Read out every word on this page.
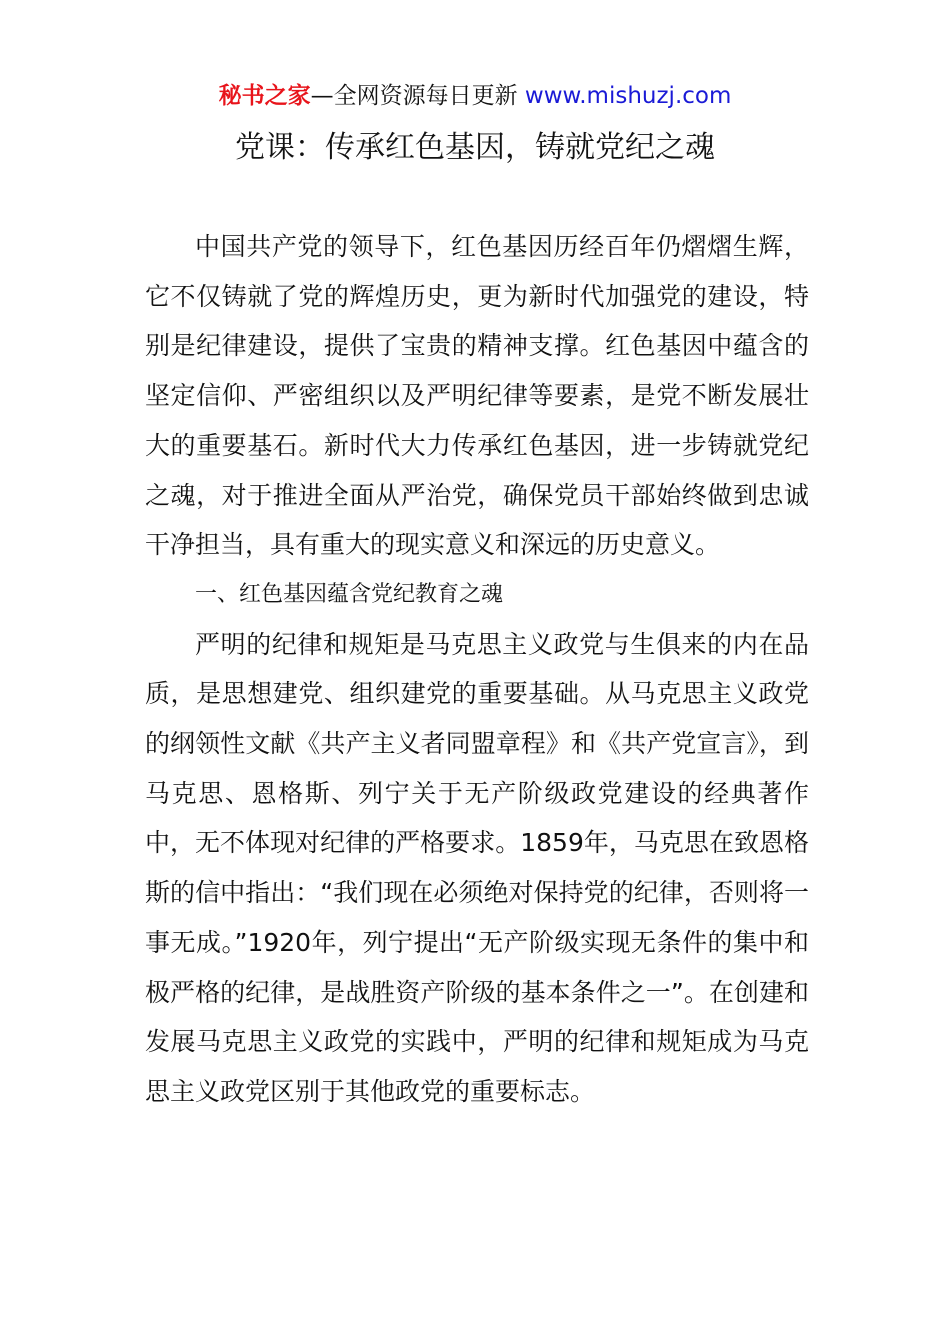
秘书之家—全网资源每日更新 www.mishuzj.com
党课：传承红色基因，铸就党纪之魂

中国共产党的领导下，红色基因历经百年仍熠熠生辉，它不仅铸就了党的辉煌历史，更为新时代加强党的建设，特别是纪律建设，提供了宝贵的精神支撑。红色基因中蕴含的坚定信仰、严密组织以及严明纪律等要素，是党不断发展壮大的重要基石。新时代大力传承红色基因，进一步铸就党纪之魂，对于推进全面从严治党，确保党员干部始终做到忠诚干净担当，具有重大的现实意义和深远的历史意义。

一、红色基因蕴含党纪教育之魂

严明的纪律和规矩是马克思主义政党与生俱来的内在品质，是思想建党、组织建党的重要基础。从马克思主义政党的纲领性文献《共产主义者同盟章程》和《共产党宣言》，到马克思、恩格斯、列宁关于无产阶级政党建设的经典著作中，无不体现对纪律的严格要求。1859年，马克思在致恩格斯的信中指出：“我们现在必须绝对保持党的纪律，否则将一事无成。”1920年，列宁提出“无产阶级实现无条件的集中和极严格的纪律，是战胜资产阶级的基本条件之一”。在创建和发展马克思主义政党的实践中，严明的纪律和规矩成为马克思主义政党区别于其他政党的重要标志。
